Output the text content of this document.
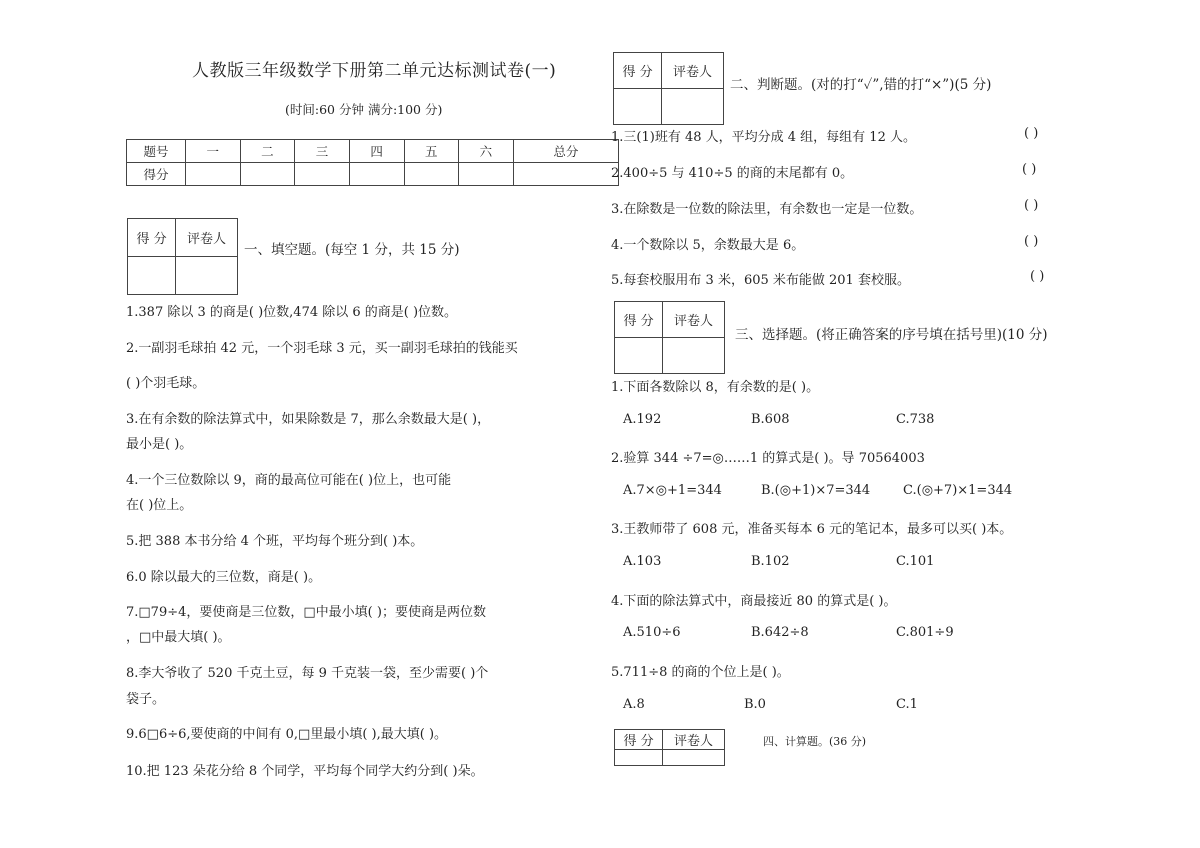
人教版三年级数学下册第二单元达标测试卷(一)
(时间:60 分钟 满分:100 分)
题号	一	二	三	四	五	六	总分
得分							
得 分	评卷人

一、填空题。(每空 1 分，共 15 分)
1.387 除以 3 的商是( )位数,474 除以 6 的商是( )位数。
2.一副羽毛球拍 42 元，一个羽毛球 3 元，买一副羽毛球拍的钱能买
( )个羽毛球。
3.在有余数的除法算式中，如果除数是 7，那么余数最大是( )，
最小是( )。
4.一个三位数除以 9，商的最高位可能在( )位上，也可能
在( )位上。
5.把 388 本书分给 4 个班，平均每个班分到( )本。
6.0 除以最大的三位数，商是( )。
7.□79÷4，要使商是三位数，□中最小填( )；要使商是两位数
，□中最大填( )。
8.李大爷收了 520 千克土豆，每 9 千克装一袋，至少需要( )个
袋子。
9.6□6÷6,要使商的中间有 0,□里最小填( ),最大填( )。
10.把 123 朵花分给 8 个同学，平均每个同学大约分到( )朵。
得 分	评卷人

二、判断题。(对的打“✓”,错的打“×”)(5 分)
1.三(1)班有 48 人，平均分成 4 组，每组有 12 人。	( )
2.400÷5 与 410÷5 的商的末尾都有 0。	( )
3.在除数是一位数的除法里，有余数也一定是一位数。	( )
4.一个数除以 5，余数最大是 6。	( )
5.每套校服用布 3 米，605 米布能做 201 套校服。	( )
得 分	评卷人

三、选择题。(将正确答案的序号填在括号里)(10 分)
1.下面各数除以 8，有余数的是( )。
A.192	B.608	C.738
2.验算 344 ÷7=◎……1 的算式是( )。导 70564003
A.7×◎+1=344	B.(◎+1)×7=344	C.(◎+7)×1=344
3.王教师带了 608 元，准备买每本 6 元的笔记本，最多可以买( )本。
A.103	B.102	C.101
4.下面的除法算式中，商最接近 80 的算式是( )。
A.510÷6	B.642÷8	C.801÷9
5.711÷8 的商的个位上是( )。
A.8	B.0	C.1
得 分	评卷人
		四、计算题。(36 分)
